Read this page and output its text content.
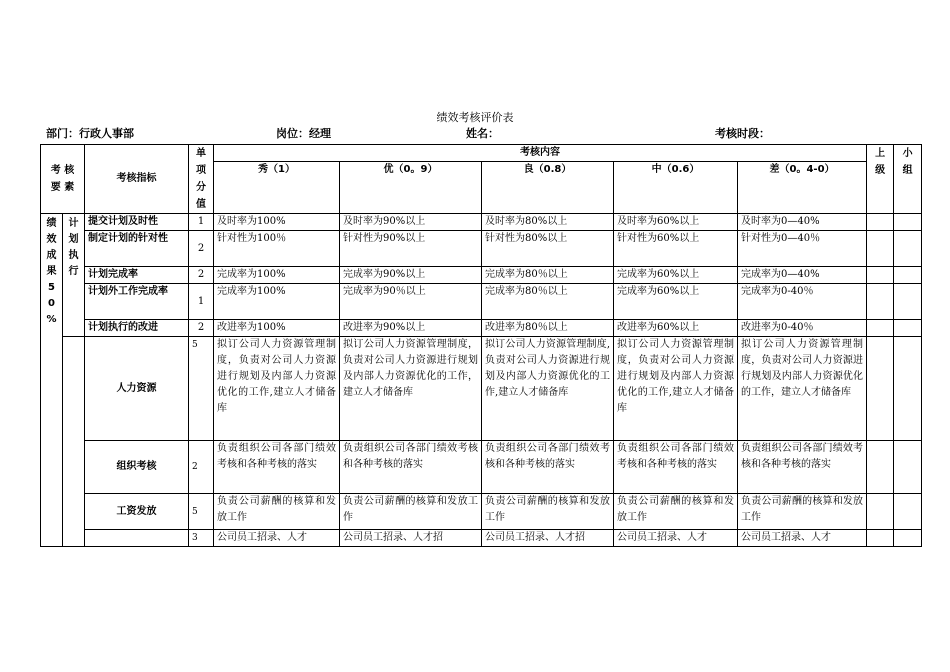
绩效考核评价表
部门：行政人事部	岗位：经理	姓名：	考核时段：
考 核 要 素		考核指标	单 项 分 值	考核内容					上 级	小 组
				秀（1）	优（0。9）	良（0.8）	中（0.6）	差（0。4-0）		
绩效成果 5 0 %	计 划 执 行	提交计划及时性	1	及时率为100%	及时率为90%以上	及时率为80%以上	及时率为60%以上	及时率为0—40%		
		制定计划的针对性	2	针对性为100％	针对性为90%以上	针对性为80%以上	针对性为60%以上	针对性为0—40％		
		计划完成率	2	完成率为100%	完成率为90%以上	完成率为80％以上	完成率为60%以上	完成率为0—40%		
		计划外工作完成率	1	完成率为100%	完成率为90％以上	完成率为80％以上	完成率为60%以上	完成率为0-40％		
		计划执行的改进	2	改进率为100%	改进率为90%以上	改进率为80％以上	改进率为60%以上	改进率为0-40％		
		人力资源	5	拟订公司人力资源管理制度，负责对公司人力资源进行规划及内部人力资源优化的工作,建立人才储备库	拟订公司人力资源管理制度，负责对公司人力资源进行规划及内部人力资源优化的工作，建立人才储备库	拟订公司人力资源管理制度,负责对公司人力资源进行规划及内部人力资源优化的工作,建立人才储备库	拟订公司人力资源管理制度，负责对公司人力资源进行规划及内部人力资源优化的工作,建立人才储备库	拟订公司人力资源管理制度，负责对公司人力资源进行规划及内部人力资源优化的工作，建立人才储备库		
		组织考核	2	负责组织公司各部门绩效考核和各种考核的落实	负责组织公司各部门绩效考核和各种考核的落实	负责组织公司各部门绩效考核和各种考核的落实	负责组织公司各部门绩效考核和各种考核的落实	负责组织公司各部门绩效考核和各种考核的落实		
		工资发放	5	负责公司薪酬的核算和发放工作	负责公司薪酬的核算和发放工作	负责公司薪酬的核算和发放工作	负责公司薪酬的核算和发放工作	负责公司薪酬的核算和发放工作		
			3	公司员工招录、人才	公司员工招录、人才招	公司员工招录、人才招	公司员工招录、人才	公司员工招录、人才		
